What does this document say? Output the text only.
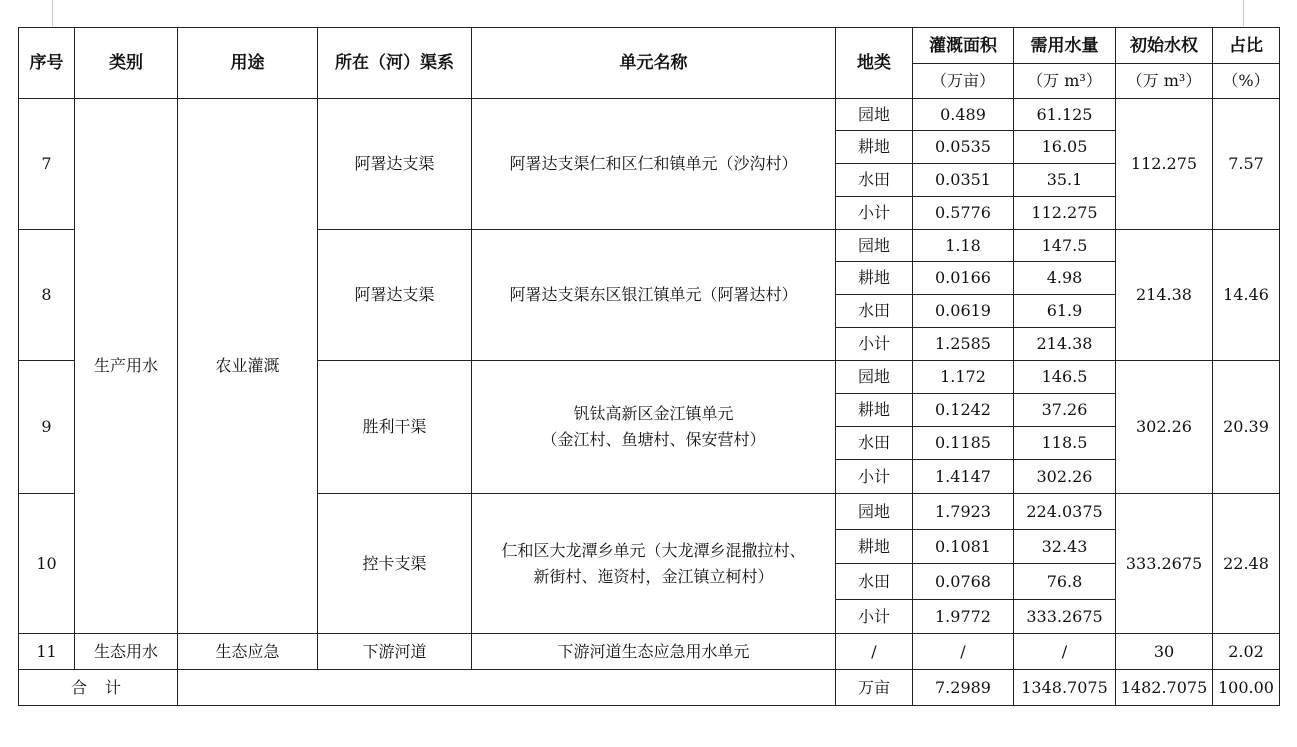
序号	类别	用途	所在（河）渠系	单元名称	地类	灌溉面积	需用水量	初始水权	占比
						（万亩）	（万 m³）	（万 m³）	（%）
7	生产用水	农业灌溉	阿署达支渠	阿署达支渠仁和区仁和镇单元（沙沟村）	园地	0.489	61.125	112.275	7.57
					耕地	0.0535	16.05		
					水田	0.0351	35.1		
					小计	0.5776	112.275		
8			阿署达支渠	阿署达支渠东区银江镇单元（阿署达村）	园地	1.18	147.5	214.38	14.46
					耕地	0.0166	4.98		
					水田	0.0619	61.9		
					小计	1.2585	214.38		
9			胜利干渠	钒钛高新区金江镇单元
（金江村、鱼塘村、保安营村）	园地	1.172	146.5	302.26	20.39
					耕地	0.1242	37.26		
					水田	0.1185	118.5		
					小计	1.4147	302.26		
10			控卡支渠	仁和区大龙潭乡单元（大龙潭乡混撒拉村、
新街村、迤资村，金江镇立柯村）	园地	1.7923	224.0375	333.2675	22.48
					耕地	0.1081	32.43		
					水田	0.0768	76.8		
					小计	1.9772	333.2675		
11	生态用水	生态应急	下游河道	下游河道生态应急用水单元	/	/	/	30	2.02
合计					万亩	7.2989	1348.7075	1482.7075	100.00
